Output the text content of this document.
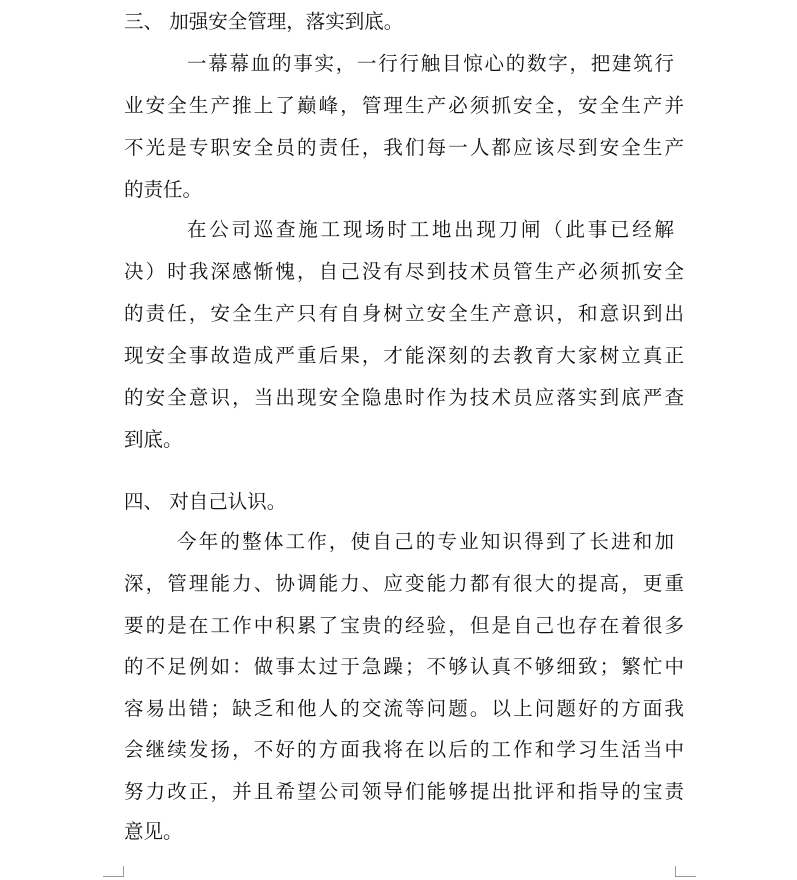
三、 加强安全管理，落实到底。
一幕幕血的事实，一行行触目惊心的数字，把建筑行
业安全生产推上了巅峰，管理生产必须抓安全，安全生产并
不光是专职安全员的责任，我们每一人都应该尽到安全生产
的责任。
在公司巡查施工现场时工地出现刀闸（此事已经解
决）时我深感惭愧，自己没有尽到技术员管生产必须抓安全
的责任，安全生产只有自身树立安全生产意识，和意识到出
现安全事故造成严重后果，才能深刻的去教育大家树立真正
的安全意识，当出现安全隐患时作为技术员应落实到底严查
到底。
四、 对自己认识。
今年的整体工作，使自己的专业知识得到了长进和加
深，管理能力、协调能力、应变能力都有很大的提高，更重
要的是在工作中积累了宝贵的经验，但是自己也存在着很多
的不足例如：做事太过于急躁；不够认真不够细致；繁忙中
容易出错；缺乏和他人的交流等问题。以上问题好的方面我
会继续发扬，不好的方面我将在以后的工作和学习生活当中
努力改正，并且希望公司领导们能够提出批评和指导的宝责
意见。
